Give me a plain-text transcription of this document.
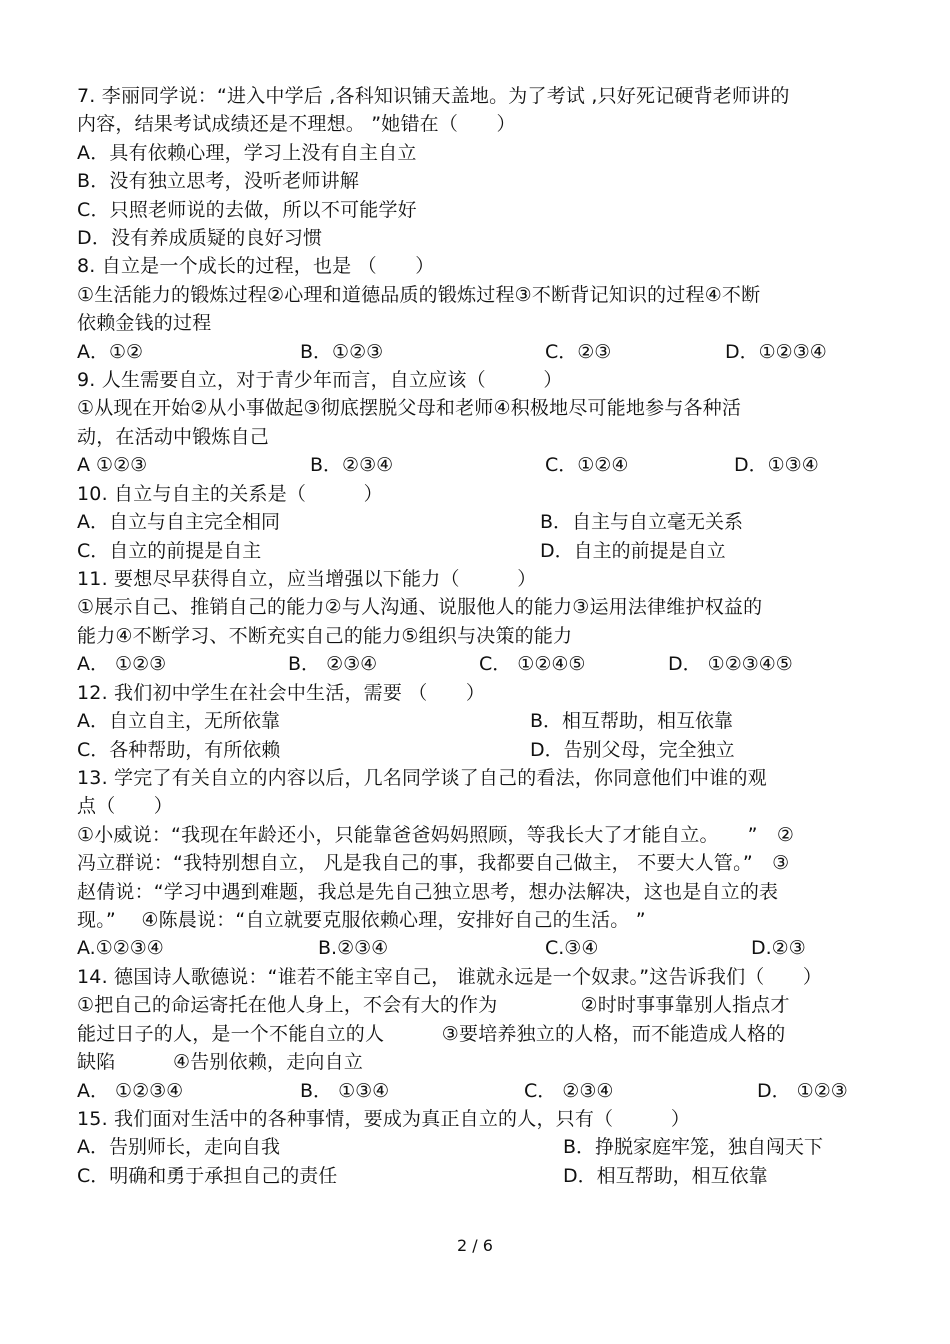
7. 李丽同学说：“进入中学后 ,各科知识铺天盖地。为了考试 ,只好死记硬背老师讲的
内容，结果考试成绩还是不理想。 ”她错在（　　）
A．具有依赖心理，学习上没有自主自立
B．没有独立思考，没听老师讲解
C．只照老师说的去做，所以不可能学好
D．没有养成质疑的良好习惯
8. 自立是一个成长的过程，也是 （　　）
①生活能力的锻炼过程②心理和道德品质的锻炼过程③不断背记知识的过程④不断
依赖金钱的过程
A．①②	B．①②③	C．②③	D．①②③④
9. 人生需要自立，对于青少年而言，自立应该（　　　）
①从现在开始②从小事做起③彻底摆脱父母和老师④积极地尽可能地参与各种活
动，在活动中锻炼自己
A ①②③	B．②③④	C．①②④	D．①③④
10. 自立与自主的关系是（　　　）
A．自立与自主完全相同	B．自主与自立毫无关系
C．自立的前提是自主	D．自主的前提是自立
11. 要想尽早获得自立，应当增强以下能力（　　　）
①展示自己、推销自己的能力②与人沟通、说服他人的能力③运用法律维护权益的
能力④不断学习、不断充实自己的能力⑤组织与决策的能力
A． ①②③	B． ②③④	C． ①②④⑤	D． ①②③④⑤
12. 我们初中学生在社会中生活，需要 （　　）
A．自立自主，无所依靠	B．相互帮助，相互依靠
C．各种帮助，有所依赖	D．告别父母，完全独立
13. 学完了有关自立的内容以后，几名同学谈了自己的看法，你同意他们中谁的观
点（　　）
①小威说：“我现在年龄还小，只能靠爸爸妈妈照顾，等我长大了才能自立。　　”　②
冯立群说：“我特别想自立， 凡是我自己的事，我都要自己做主， 不要大人管。”　③
赵倩说：“学习中遇到难题，我总是先自己独立思考，想办法解决，这也是自立的表
现。”　 ④陈晨说：“自立就要克服依赖心理，安排好自己的生活。 ”
A.①②③④	B.②③④	C.③④	D.②③
14. 德国诗人歌德说：“谁若不能主宰自己， 谁就永远是一个奴隶。”这告诉我们（　　）
①把自己的命运寄托在他人身上，不会有大的作为　　　　 ②时时事事靠别人指点才
能过日子的人，是一个不能自立的人　　　③要培养独立的人格，而不能造成人格的
缺陷　　　④告别依赖，走向自立
A． ①②③④	B． ①③④	C． ②③④	D． ①②③
15. 我们面对生活中的各种事情，要成为真正自立的人，只有（　　　）
A．告别师长，走向自我	B．挣脱家庭牢笼，独自闯天下
C．明确和勇于承担自己的责任	D．相互帮助，相互依靠
2 / 6
